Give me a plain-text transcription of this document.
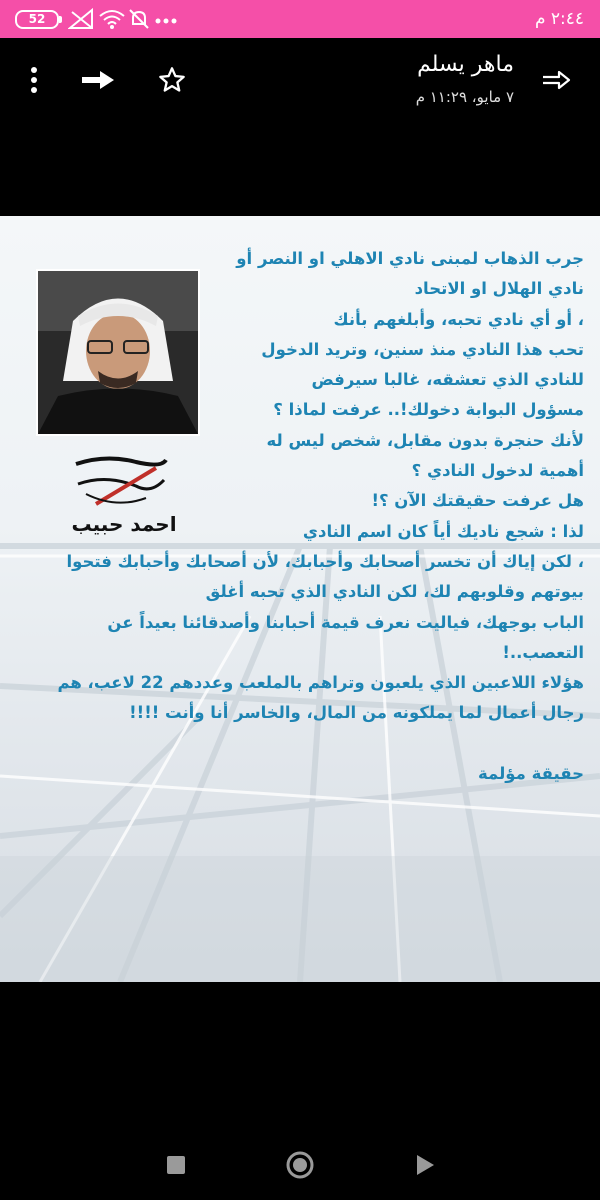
52	٢:٤٤ م
ماهر يسلم
٧ مايو، ١١:٢٩ م
احمد حبيب
جرب الذهاب لمبنى نادي الاهلي او النصر أو
نادي الهلال او الاتحاد
، أو أي نادي تحبه، وأبلغهم بأنك
تحب هذا النادي منذ سنين، وتريد الدخول
للنادي الذي تعشقه، غالبا سيرفض
مسؤول البوابة دخولك!.. عرفت لماذا ؟
لأنك حنجرة بدون مقابل، شخص ليس له
أهمية لدخول النادي ؟
هل عرفت حقيقتك الآن ؟!
لذا : شجع ناديك أياً كان اسم النادي
، لكن إياك أن تخسر أصحابك وأحبابك، لأن أصحابك وأحبابك فتحوا
بيوتهم وقلوبهم لك، لكن النادي الذي تحبه أغلق
الباب بوجهك، فياليت نعرف قيمة أحبابنا وأصدقائنا بعيداً عن
التعصب..!
هؤلاء اللاعبين الذي يلعبون وتراهم بالملعب وعددهم 22 لاعب، هم
رجال أعمال لما يملكونه من المال، والخاسر أنا وأنت !!!!
حقيقة مؤلمة
